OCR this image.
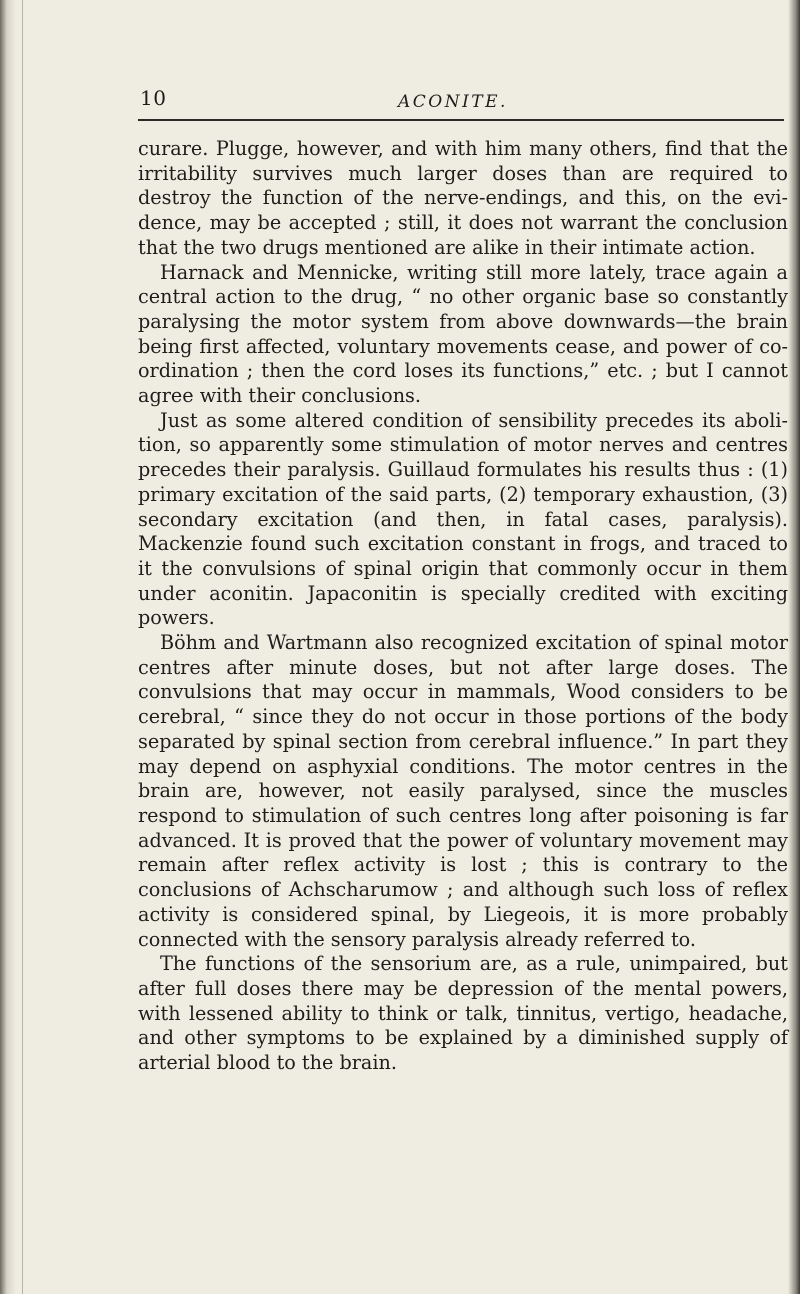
10	ACONITE.

curare. Plugge, however, and with him many others, find that the irritability survives much larger doses than are required to destroy the function of the nerve-endings, and this, on the evidence, may be accepted ; still, it does not warrant the conclusion that the two drugs mentioned are alike in their intimate action.

Harnack and Mennicke, writing still more lately, trace again a central action to the drug, “ no other organic base so constantly paralysing the motor system from above downwards—the brain being first affected, voluntary movements cease, and power of co-ordination ; then the cord loses its functions,” etc. ; but I cannot agree with their conclusions.

Just as some altered condition of sensibility precedes its abolition, so apparently some stimulation of motor nerves and centres precedes their paralysis. Guillaud formulates his results thus : (1) primary excitation of the said parts, (2) temporary exhaustion, (3) secondary excitation (and then, in fatal cases, paralysis). Mackenzie found such excitation constant in frogs, and traced to it the convulsions of spinal origin that commonly occur in them under aconitin. Japaconitin is specially credited with exciting powers.

Böhm and Wartmann also recognized excitation of spinal motor centres after minute doses, but not after large doses. The convulsions that may occur in mammals, Wood considers to be cerebral, “ since they do not occur in those portions of the body separated by spinal section from cerebral influence.” In part they may depend on asphyxial conditions. The motor centres in the brain are, however, not easily paralysed, since the muscles respond to stimulation of such centres long after poisoning is far advanced. It is proved that the power of voluntary movement may remain after reflex activity is lost ; this is contrary to the conclusions of Achscharumow ; and although such loss of reflex activity is considered spinal, by Liegeois, it is more probably connected with the sensory paralysis already referred to.

The functions of the sensorium are, as a rule, unimpaired, but after full doses there may be depression of the mental powers, with lessened ability to think or talk, tinnitus, vertigo, headache, and other symptoms to be explained by a diminished supply of arterial blood to the brain.
